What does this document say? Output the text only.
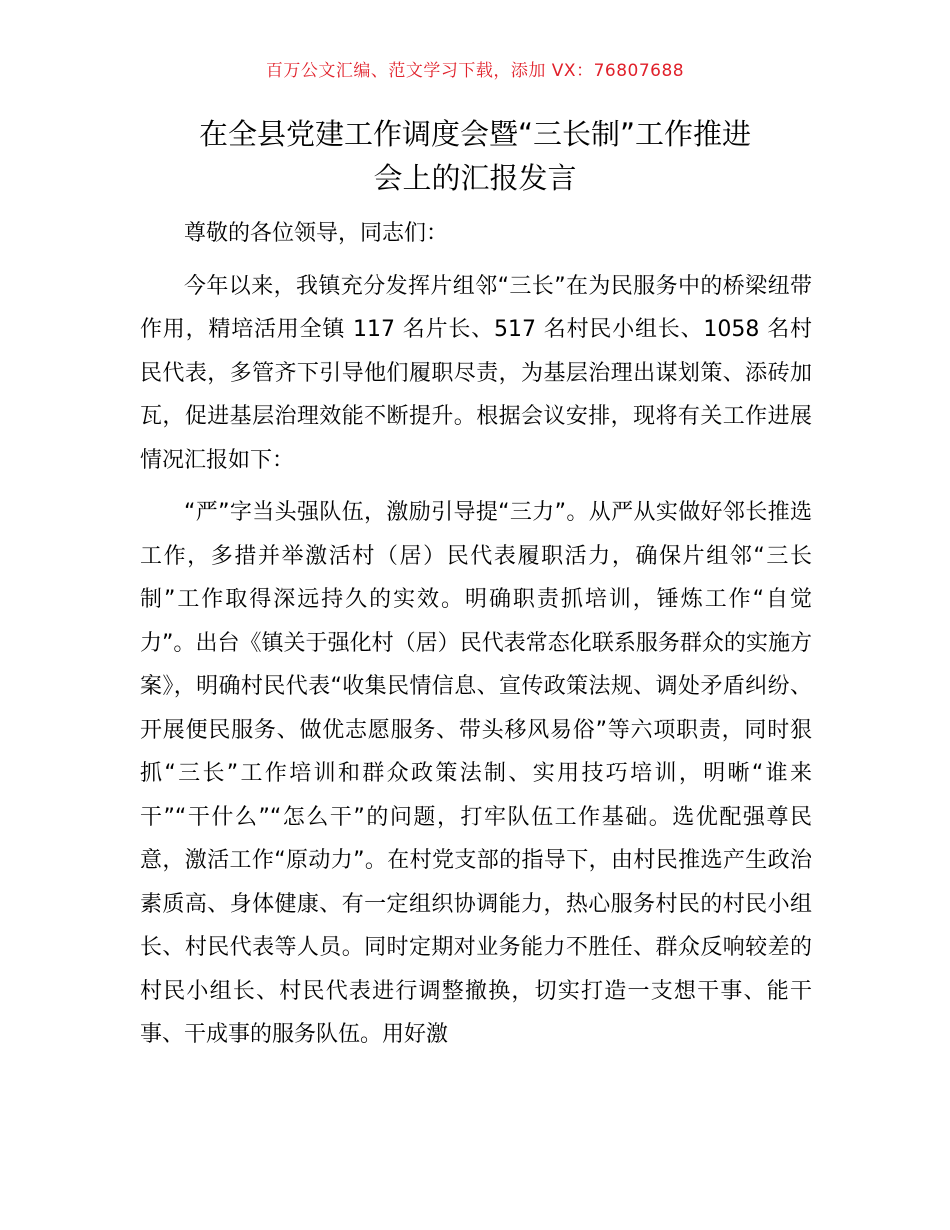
百万公文汇编、范文学习下载，添加 VX：76807688
在全县党建工作调度会暨“三长制”工作推进
会上的汇报发言

尊敬的各位领导，同志们：

今年以来，我镇充分发挥片组邻“三长”在为民服务中的桥梁纽带作用，精培活用全镇 117 名片长、517 名村民小组长、1058 名村民代表，多管齐下引导他们履职尽责，为基层治理出谋划策、添砖加瓦，促进基层治理效能不断提升。根据会议安排，现将有关工作进展情况汇报如下：

“严”字当头强队伍，激励引导提“三力”。从严从实做好邻长推选工作，多措并举激活村（居）民代表履职活力，确保片组邻“三长制”工作取得深远持久的实效。明确职责抓培训，锤炼工作“自觉力”。出台《镇关于强化村（居）民代表常态化联系服务群众的实施方案》，明确村民代表“收集民情信息、宣传政策法规、调处矛盾纠纷、开展便民服务、做优志愿服务、带头移风易俗”等六项职责，同时狠抓“三长”工作培训和群众政策法制、实用技巧培训，明晰“谁来干”“干什么”“怎么干”的问题，打牢队伍工作基础。选优配强尊民意，激活工作“原动力”。在村党支部的指导下，由村民推选产生政治素质高、身体健康、有一定组织协调能力，热心服务村民的村民小组长、村民代表等人员。同时定期对业务能力不胜任、群众反响较差的村民小组长、村民代表进行调整撤换，切实打造一支想干事、能干事、干成事的服务队伍。用好激
